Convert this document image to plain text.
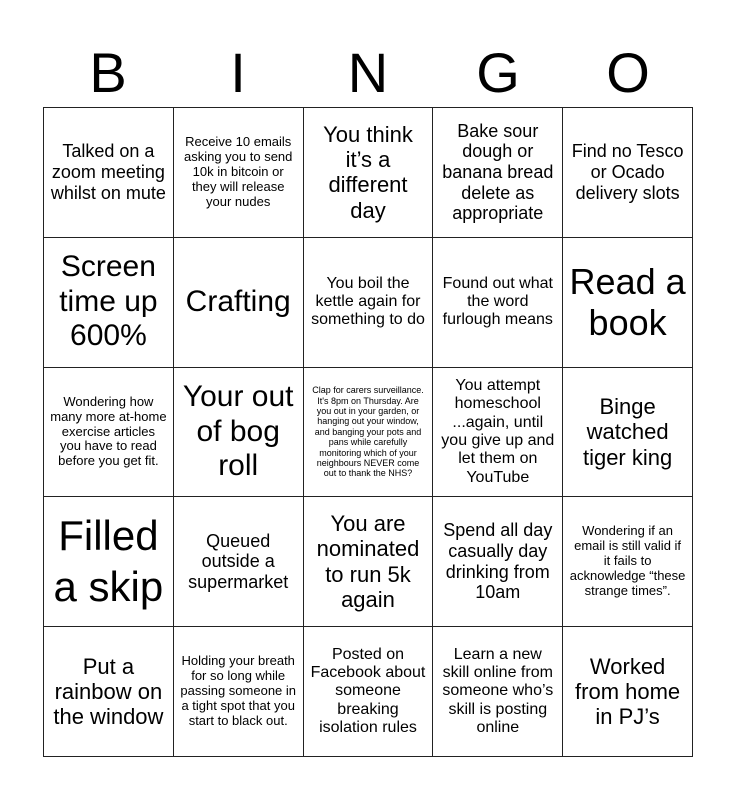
B	I	N	G	O
Talked on a zoom meeting whilst on mute
Receive 10 emails asking you to send 10k in bitcoin or they will release your nudes
You think it’s a different day
Bake sour dough or banana bread delete as appropriate
Find no Tesco or Ocado delivery slots
Screen time up 600%
Crafting
You boil the kettle again for something to do
Found out what the word furlough means
Read a book
Wondering how many more at-home exercise articles you have to read before you get fit.
Your out of bog roll
Clap for carers surveillance. It's 8pm on Thursday. Are you out in your garden, or hanging out your window, and banging your pots and pans while carefully monitoring which of your neighbours NEVER come out to thank the NHS?
You attempt homeschool ...again, until you give up and let them on YouTube
Binge watched tiger king
Filled a skip
Queued outside a supermarket
You are nominated to run 5k again
Spend all day casually day drinking from 10am
Wondering if an email is still valid if it fails to acknowledge “these strange times”.
Put a rainbow on the window
Holding your breath for so long while passing someone in a tight spot that you start to black out.
Posted on Facebook about someone breaking isolation rules
Learn a new skill online from someone who’s skill is posting online
Worked from home in PJ’s
